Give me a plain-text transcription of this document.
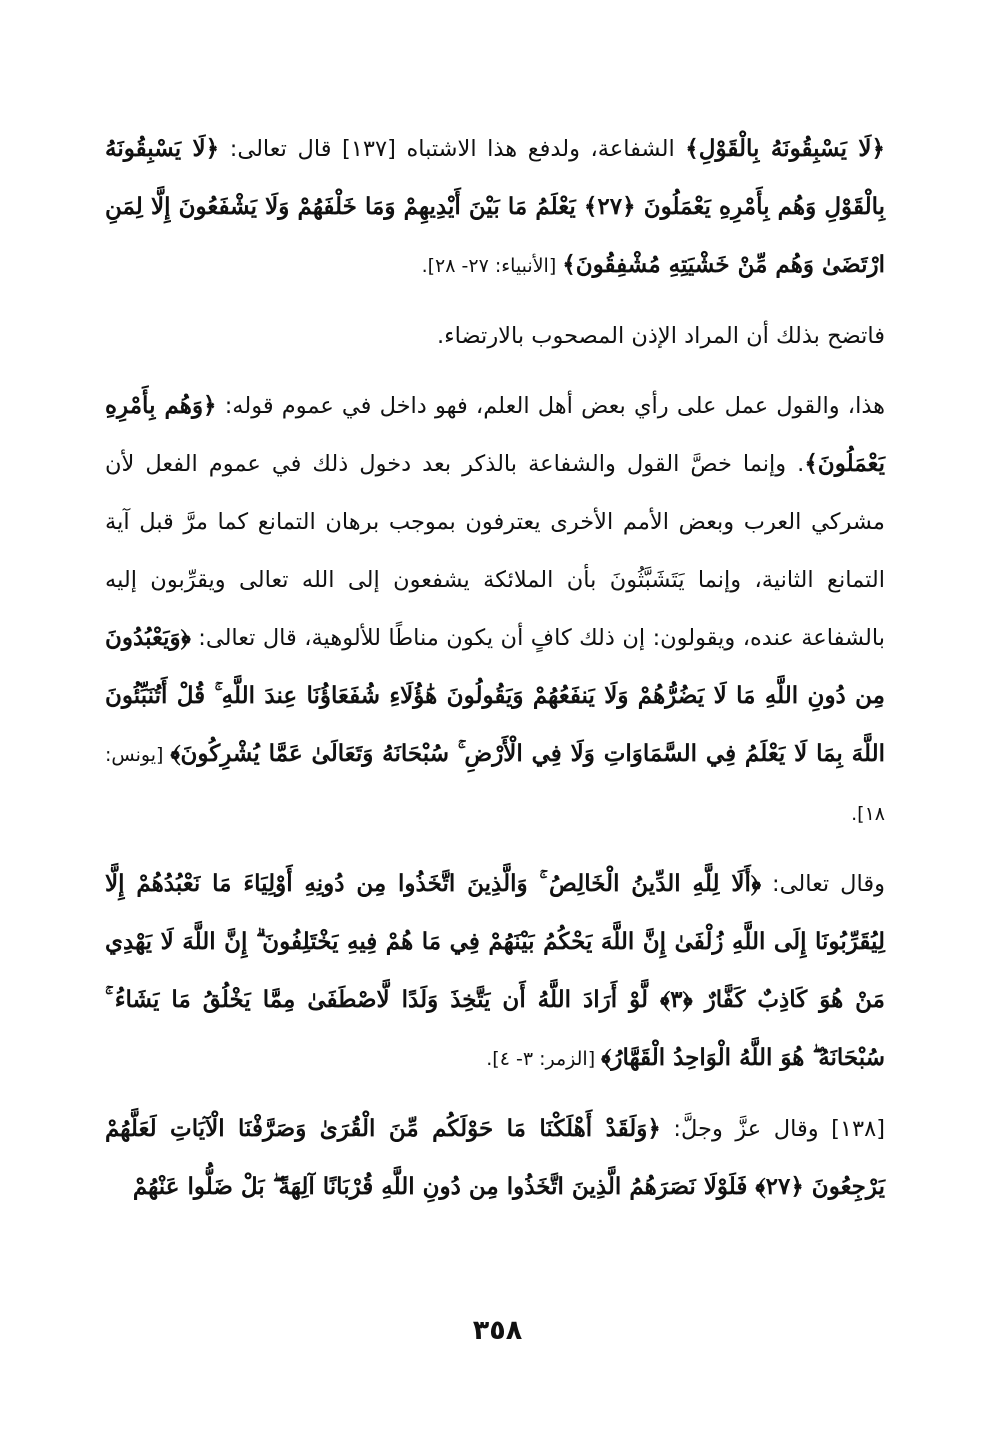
﴿لَا يَسْبِقُونَهُ بِالْقَوْلِ﴾ الشفاعة، ولدفع هذا الاشتباه [١٣٧] قال تعالى: ﴿لَا يَسْبِقُونَهُ بِالْقَوْلِ وَهُم بِأَمْرِهِ يَعْمَلُونَ ﴿٢٧﴾ يَعْلَمُ مَا بَيْنَ أَيْدِيهِمْ وَمَا خَلْفَهُمْ وَلَا يَشْفَعُونَ إِلَّا لِمَنِ ارْتَضَىٰ وَهُم مِّنْ خَشْيَتِهِ مُشْفِقُونَ﴾ [الأنبياء: ٢٧- ٢٨].

فاتضح بذلك أن المراد الإذن المصحوب بالارتضاء.

هذا، والقول عمل على رأي بعض أهل العلم، فهو داخل في عموم قوله: ﴿وَهُم بِأَمْرِهِ يَعْمَلُونَ﴾. وإنما خصَّ القول والشفاعة بالذكر بعد دخول ذلك في عموم الفعل لأن مشركي العرب وبعض الأمم الأخرى يعترفون بموجب برهان التمانع كما مرَّ قبل آية التمانع الثانية، وإنما يَتَشَبَّثُونَ بأن الملائكة يشفعون إلى الله تعالى ويقرِّبون إليه بالشفاعة عنده، ويقولون: إن ذلك كافٍ أن يكون مناطًا للألوهية، قال تعالى: ﴿وَيَعْبُدُونَ مِن دُونِ اللَّهِ مَا لَا يَضُرُّهُمْ وَلَا يَنفَعُهُمْ وَيَقُولُونَ هَٰؤُلَاءِ شُفَعَاؤُنَا عِندَ اللَّهِ ۚ قُلْ أَتُنَبِّئُونَ اللَّهَ بِمَا لَا يَعْلَمُ فِي السَّمَاوَاتِ وَلَا فِي الْأَرْضِ ۚ سُبْحَانَهُ وَتَعَالَىٰ عَمَّا يُشْرِكُونَ﴾ [يونس: ١٨].

وقال تعالى: ﴿أَلَا لِلَّهِ الدِّينُ الْخَالِصُ ۚ وَالَّذِينَ اتَّخَذُوا مِن دُونِهِ أَوْلِيَاءَ مَا نَعْبُدُهُمْ إِلَّا لِيُقَرِّبُونَا إِلَى اللَّهِ زُلْفَىٰ إِنَّ اللَّهَ يَحْكُمُ بَيْنَهُمْ فِي مَا هُمْ فِيهِ يَخْتَلِفُونَ ۗ إِنَّ اللَّهَ لَا يَهْدِي مَنْ هُوَ كَاذِبٌ كَفَّارٌ ﴿٣﴾ لَّوْ أَرَادَ اللَّهُ أَن يَتَّخِذَ وَلَدًا لَّاصْطَفَىٰ مِمَّا يَخْلُقُ مَا يَشَاءُ ۚ سُبْحَانَهُ ۖ هُوَ اللَّهُ الْوَاحِدُ الْقَهَّارُ﴾ [الزمر: ٣- ٤].

[١٣٨] وقال عزَّ وجلَّ: ﴿وَلَقَدْ أَهْلَكْنَا مَا حَوْلَكُم مِّنَ الْقُرَىٰ وَصَرَّفْنَا الْآيَاتِ لَعَلَّهُمْ يَرْجِعُونَ ﴿٢٧﴾ فَلَوْلَا نَصَرَهُمُ الَّذِينَ اتَّخَذُوا مِن دُونِ اللَّهِ قُرْبَانًا آلِهَةً ۖ بَلْ ضَلُّوا عَنْهُمْ

٣٥٨
